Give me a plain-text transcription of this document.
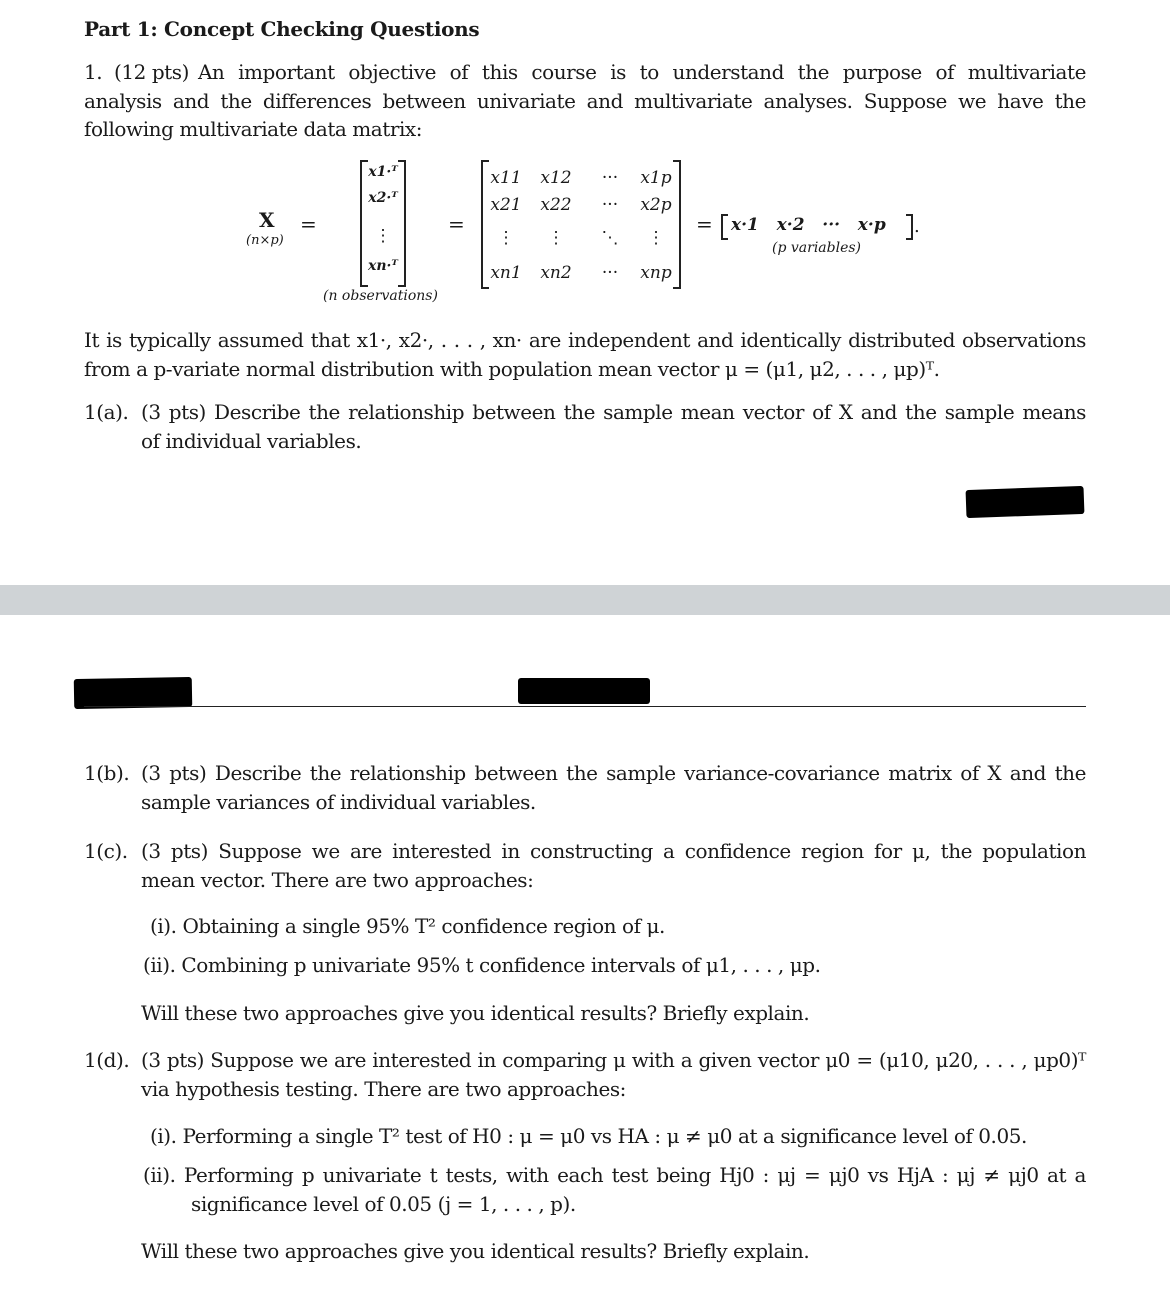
Part 1: Concept Checking Questions
1. (12 pts) An important objective of this course is to understand the purpose of multivariate
analysis and the differences between univariate and multivariate analyses. Suppose we have the
following multivariate data matrix:
X
(n×p)
=
x1·ᵀ
x2·ᵀ
⋮
xn·ᵀ
(n observations)
=
x11 x12	···	x1p
x21 x22	···	x2p
⋮	⋮	⋱	⋮
xn1 xn2	···	xnp
= x·1   x·2   ···   x·p .
(p variables)
It is typically assumed that x1·, x2·, . . . , xn· are independent and identically distributed observations
from a p-variate normal distribution with population mean vector μ = (μ1, μ2, . . . , μp)ᵀ.
1(a). (3 pts) Describe the relationship between the sample mean vector of X and the sample means
of individual variables.
1(b). (3 pts) Describe the relationship between the sample variance-covariance matrix of X and the
sample variances of individual variables.
1(c). (3 pts) Suppose we are interested in constructing a confidence region for μ, the population
mean vector. There are two approaches:
(i). Obtaining a single 95% T² confidence region of μ.
(ii). Combining p univariate 95% t confidence intervals of μ1, . . . , μp.
Will these two approaches give you identical results? Briefly explain.
1(d). (3 pts) Suppose we are interested in comparing μ with a given vector μ0 = (μ10, μ20, . . . , μp0)ᵀ
via hypothesis testing. There are two approaches:
(i). Performing a single T² test of H0 : μ = μ0 vs HA : μ ≠ μ0 at a significance level of 0.05.
(ii). Performing p univariate t tests, with each test being Hj0 : μj = μj0 vs HjA : μj ≠ μj0 at a
significance level of 0.05 (j = 1, . . . , p).
Will these two approaches give you identical results? Briefly explain.
